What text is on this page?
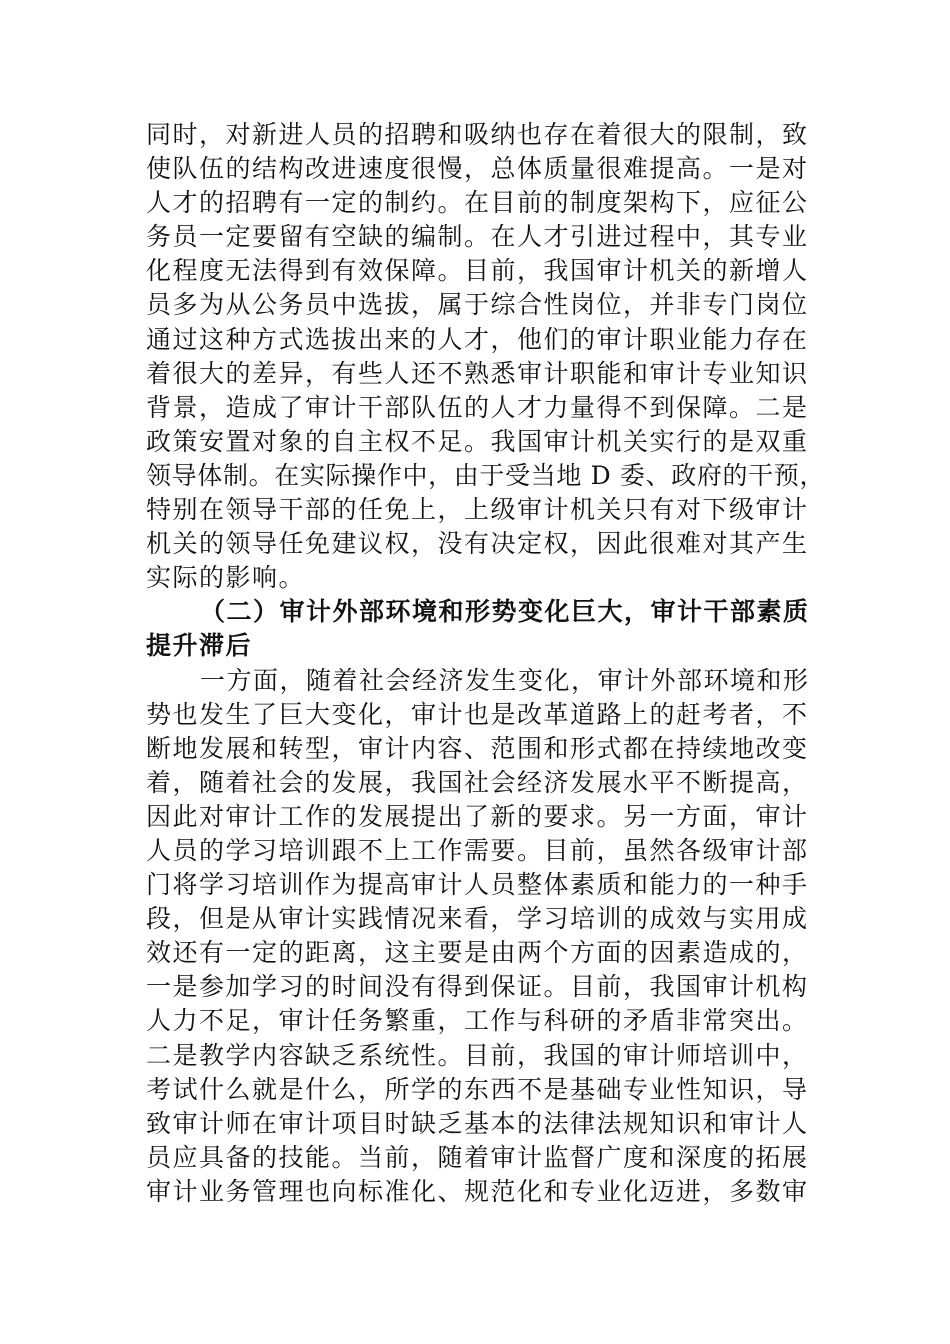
同时，对新进人员的招聘和吸纳也存在着很大的限制，致
使队伍的结构改进速度很慢，总体质量很难提高。一是对
人才的招聘有一定的制约。在目前的制度架构下，应征公
务员一定要留有空缺的编制。在人才引进过程中，其专业
化程度无法得到有效保障。目前，我国审计机关的新增人
员多为从公务员中选拔，属于综合性岗位，并非专门岗位
通过这种方式选拔出来的人才，他们的审计职业能力存在
着很大的差异，有些人还不熟悉审计职能和审计专业知识
背景，造成了审计干部队伍的人才力量得不到保障。二是
政策安置对象的自主权不足。我国审计机关实行的是双重
领导体制。在实际操作中，由于受当地 D 委、政府的干预，
特别在领导干部的任免上，上级审计机关只有对下级审计
机关的领导任免建议权，没有决定权，因此很难对其产生
实际的影响。
（二）审计外部环境和形势变化巨大，审计干部素质
提升滞后
一方面，随着社会经济发生变化，审计外部环境和形
势也发生了巨大变化，审计也是改革道路上的赶考者，不
断地发展和转型，审计内容、范围和形式都在持续地改变
着，随着社会的发展，我国社会经济发展水平不断提高，
因此对审计工作的发展提出了新的要求。另一方面，审计
人员的学习培训跟不上工作需要。目前，虽然各级审计部
门将学习培训作为提高审计人员整体素质和能力的一种手
段，但是从审计实践情况来看，学习培训的成效与实用成
效还有一定的距离，这主要是由两个方面的因素造成的，
一是参加学习的时间没有得到保证。目前，我国审计机构
人力不足，审计任务繁重，工作与科研的矛盾非常突出。
二是教学内容缺乏系统性。目前，我国的审计师培训中，
考试什么就是什么，所学的东西不是基础专业性知识，导
致审计师在审计项目时缺乏基本的法律法规知识和审计人
员应具备的技能。当前，随着审计监督广度和深度的拓展
审计业务管理也向标准化、规范化和专业化迈进，多数审
